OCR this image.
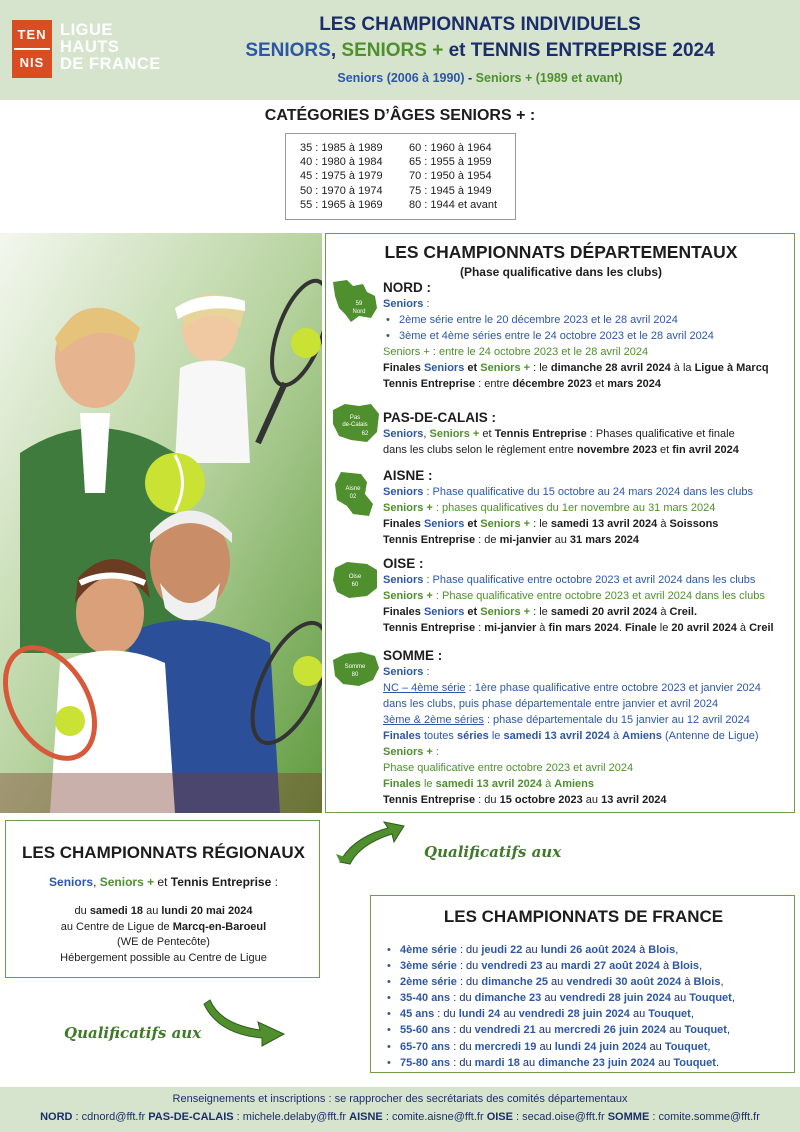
TEN
NIS
LIGUE
HAUTS
DE FRANCE
LES CHAMPIONNATS INDIVIDUELS
SENIORS, SENIORS + et TENNIS ENTREPRISE 2024
Seniors (2006 à 1990) - Seniors + (1989 et avant)
CATÉGORIES D’ÂGES SENIORS + :
35 : 1985 à 1989
40 : 1980 à 1984
45 : 1975 à 1979
50 : 1970 à 1974
55 : 1965 à 1969
60 : 1960 à 1964
65 : 1955 à 1959
70 : 1950 à 1954
75 : 1945 à 1949
80 : 1944 et avant
LES CHAMPIONNATS DÉPARTEMENTAUX
(Phase qualificative dans les clubs)
59
Nord
NORD :
Seniors :
• 2ème série entre le 20 décembre 2023 et le 28 avril 2024
• 3ème et 4ème séries entre le 24 octobre 2023 et le 28 avril 2024
Seniors + : entre le 24 octobre 2023 et le 28 avril 2024
Finales Seniors et Seniors + : le dimanche 28 avril 2024 à la Ligue à Marcq
Tennis Entreprise : entre décembre 2023 et mars 2024
Pas
de-Calais
62
PAS-DE-CALAIS :
Seniors, Seniors + et Tennis Entreprise : Phases qualificative et finale
dans les clubs selon le règlement entre novembre 2023 et fin avril 2024
Aisne
02
AISNE :
Seniors : Phase qualificative du 15 octobre au 24 mars 2024 dans les clubs
Seniors + : phases qualificatives du 1er novembre au 31 mars 2024
Finales Seniors et Seniors + : le samedi 13 avril 2024 à Soissons
Tennis Entreprise : de mi-janvier au 31 mars 2024
Oise
60
OISE :
Seniors : Phase qualificative entre octobre 2023 et avril 2024 dans les clubs
Seniors + : Phase qualificative entre octobre 2023 et avril 2024 dans les clubs
Finales Seniors et Seniors + : le samedi 20 avril 2024 à Creil.
Tennis Entreprise : mi-janvier à fin mars 2024. Finale le 20 avril 2024 à Creil
Somme
80
SOMME :
Seniors :
NC – 4ème série : 1ère phase qualificative entre octobre 2023 et janvier 2024
dans les clubs, puis phase départementale entre janvier et avril 2024
3ème & 2ème séries : phase départementale du 15 janvier au 12 avril 2024
Finales toutes séries le samedi 13 avril 2024 à Amiens (Antenne de Ligue)
Seniors + :
Phase qualificative entre octobre 2023 et avril 2024
Finales le samedi 13 avril 2024 à Amiens
Tennis Entreprise : du 15 octobre 2023 au 13 avril 2024
LES CHAMPIONNATS RÉGIONAUX
Seniors, Seniors + et Tennis Entreprise :
du samedi 18 au lundi 20 mai 2024
au Centre de Ligue de Marcq-en-Baroeul
(WE de Pentecôte)
Hébergement possible au Centre de Ligue
Qualificatifs aux
Qualificatifs aux
LES CHAMPIONNATS DE FRANCE
• 4ème série : du jeudi 22 au lundi 26 août 2024 à Blois,
• 3ème série : du vendredi 23 au mardi 27 août 2024 à Blois,
• 2ème série : du dimanche 25 au vendredi 30 août 2024 à Blois,
• 35-40 ans : du dimanche 23 au vendredi 28 juin 2024 au Touquet,
• 45 ans : du lundi 24 au vendredi 28 juin 2024 au Touquet,
• 55-60 ans : du vendredi 21 au mercredi 26 juin 2024 au Touquet,
• 65-70 ans : du mercredi 19 au lundi 24 juin 2024 au Touquet,
• 75-80 ans : du mardi 18 au dimanche 23 juin 2024 au Touquet.
Renseignements et inscriptions : se rapprocher des secrétariats des comités départementaux
NORD : cdnord@fft.fr PAS-DE-CALAIS : michele.delaby@fft.fr AISNE : comite.aisne@fft.fr OISE : secad.oise@fft.fr SOMME : comite.somme@fft.fr
